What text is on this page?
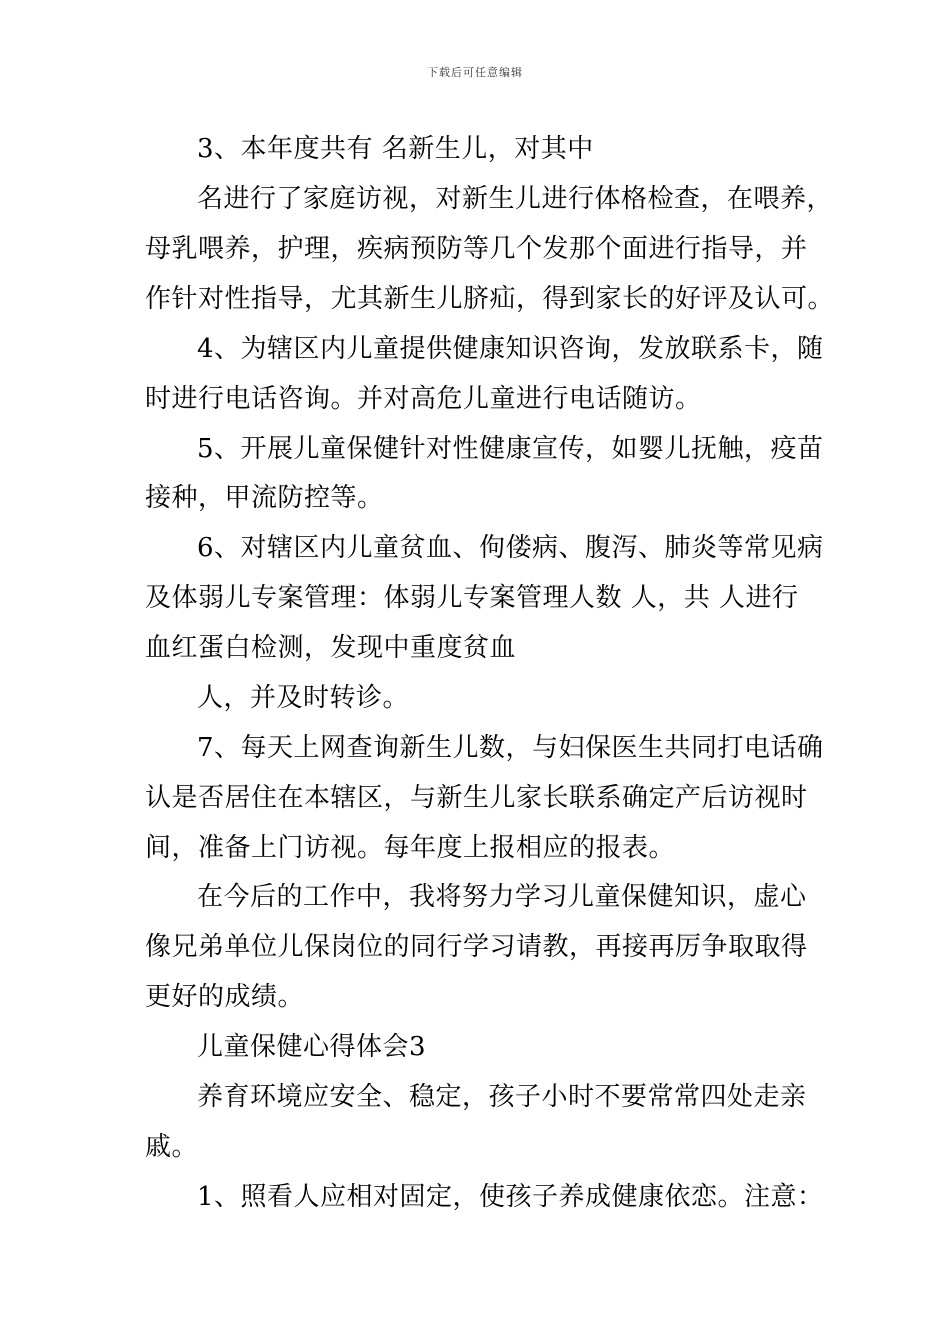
下载后可任意编辑
3、本年度共有 名新生儿，对其中
名进行了家庭访视，对新生儿进行体格检查，在喂养，
母乳喂养，护理，疾病预防等几个发那个面进行指导，并
作针对性指导，尤其新生儿脐疝，得到家长的好评及认可。
4、为辖区内儿童提供健康知识咨询，发放联系卡，随
时进行电话咨询。并对高危儿童进行电话随访。
5、开展儿童保健针对性健康宣传，如婴儿抚触，疫苗
接种，甲流防控等。
6、对辖区内儿童贫血、佝偻病、腹泻、肺炎等常见病
及体弱儿专案管理：体弱儿专案管理人数 人，共 人进行
血红蛋白检测，发现中重度贫血
人，并及时转诊。
7、每天上网查询新生儿数，与妇保医生共同打电话确
认是否居住在本辖区，与新生儿家长联系确定产后访视时
间，准备上门访视。每年度上报相应的报表。
在今后的工作中，我将努力学习儿童保健知识，虚心
像兄弟单位儿保岗位的同行学习请教，再接再厉争取取得
更好的成绩。
儿童保健心得体会3
养育环境应安全、稳定，孩子小时不要常常四处走亲
戚。
1、照看人应相对固定，使孩子养成健康依恋。注意：
